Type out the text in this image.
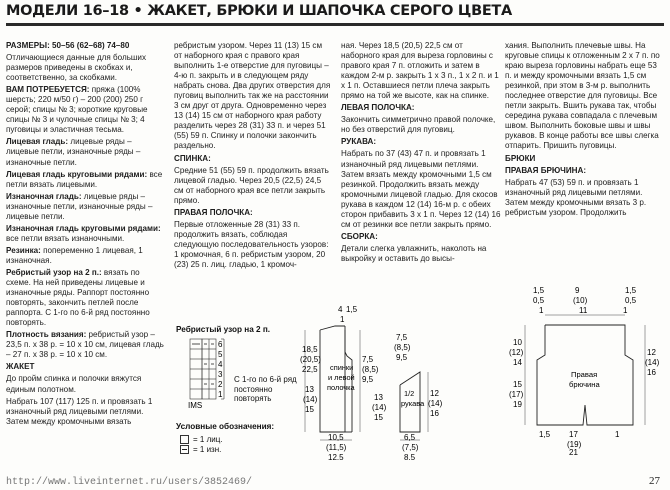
МОДЕЛИ 16–18 • ЖАКЕТ, БРЮКИ И ШАПОЧКА СЕРОГО ЦВЕТА

РАЗМЕРЫ: 50–56 (62–68) 74–80

Отличающиеся данные для больших размеров приведены в скобках и, соответственно, за скобками.

ВАМ ПОТРЕБУЕТСЯ: пряжа (100% шерсть; 220 м/50 г) – 200 (200) 250 г серой; спицы № 3; короткие круговые спицы № 3 и чулочные спицы № 3; 4 пуговицы и эластичная тесьма.

Лицевая гладь: лицевые ряды – лицевые петли, изнаночные ряды – изнаночные петли.

Лицевая гладь круговыми рядами: все петли вязать лицевыми.

Изнаночная гладь: лицевые ряды – изнаночные петли, изнаночные ряды – лицевые петли.

Изнаночная гладь круговыми рядами: все петли вязать изнаночными.

Резинка: попеременно 1 лицевая, 1 изнаночная.

Ребристый узор на 2 п.: вязать по схеме. На ней приведены лицевые и изнаночные ряды. Раппорт постоянно повторять, закончить петлей после раппорта. С 1-го по 6-й ряд постоянно повторять.

Плотность вязания: ребристый узор – 23,5 п. х 38 р. = 10 х 10 см, лицевая гладь – 27 п. х 38 р. = 10 х 10 см.

ЖАКЕТ

До пройм спинка и полочки вяжутся единым полотном.

Набрать 107 (117) 125 п. и провязать 1 изнаночный ряд лицевыми петлями. Затем между кромочными вязать

ребристым узором. Через 11 (13) 15 см от наборного края с правого края выполнить 1-е отверстие для пуговицы – 4-ю п. закрыть и в следующем ряду набрать снова. Два других отверстия для пуговиц выполнить так же на расстоянии 3 см друг от друга. Одновременно через 13 (14) 15 см от наборного края работу разделить через 28 (31) 33 п. и через 51 (55) 59 п. Спинку и полочки закончить раздельно.

СПИНКА:

Средние 51 (55) 59 п. продолжить вязать лицевой гладью. Через 20,5 (22,5) 24,5 см от наборного края все петли закрыть прямо.

ПРАВАЯ ПОЛОЧКА:

Первые отложенные 28 (31) 33 п. продолжить вязать, соблюдая следующую последовательность узоров: 1 кромочная, 6 п. ребристым узором, 20 (23) 25 п. лиц. гладью, 1 кромоч-

ная. Через 18,5 (20,5) 22,5 см от наборного края для выреза горловины с правого края 7 п. отложить и затем в каждом 2-м р. закрыть 1 x 3 п., 1 x 2 п. и 1 x 1 п. Оставшиеся петли плеча закрыть прямо на той же высоте, как на спинке.

ЛЕВАЯ ПОЛОЧКА:

Закончить симметрично правой полочке, но без отверстий для пуговиц.

РУКАВА:

Набрать по 37 (43) 47 п. и провязать 1 изнаночный ряд лицевыми петлями. Затем вязать между кромочными 1,5 см резинкой. Продолжить вязать между кромочными лицевой гладью. Для скосов рукава в каждом 12 (14) 16-м р. с обеих сторон прибавить 3 x 1 п. Через 12 (14) 16 см от резинки все петли закрыть прямо.

СБОРКА:

Детали слегка увлажнить, наколоть на выкройку и оставить до высы-

хания. Выполнить плечевые швы. На круговые спицы к отложенным 2 x 7 п. по краю выреза горловины набрать еще 53 п. и между кромочными вязать 1,5 см резинкой, при этом в 3-м р. выполнить последнее отверстие для пуговицы. Все петли закрыть. Вшить рукава так, чтобы середина рукава совпадала с плечевым швом. Выполнить боковые швы и швы рукавов. В конце работы все швы слегка отпарить. Пришить пуговицы.

БРЮКИ

ПРАВАЯ БРЮЧИНА:

Набрать 47 (53) 59 п. и провязать 1 изнаночный ряд лицевыми петлями. Затем между кромочными вязать 3 р. ребристым узором. Продолжить

Ребристый узор на 2 п.
6
5
4
3
2
1
IMS
С 1-го по 6-й ряд постоянно повторять
Условные обозначения:
= 1 лиц.
= 1 изн.
4 1,5
1
18,5
(20,5)
22,5
13
(14)
15
спинки
и левой
полочка
7,5
(8,5)
9,5
13
(14)
15
10,5
(11,5)
12,5
7,5
(8,5)
9,5
1/2
рукава
12
(14)
16
6,5
(7,5)
8,5
1,5	9	1,5
0,5	(10)	0,5
1	11	1
10
(12)
14
15
(17)
19
12
(14)
16
Правая
брючина
17
(19)
21
1,5	1
http://www.liveinternet.ru/users/3852469/	27
